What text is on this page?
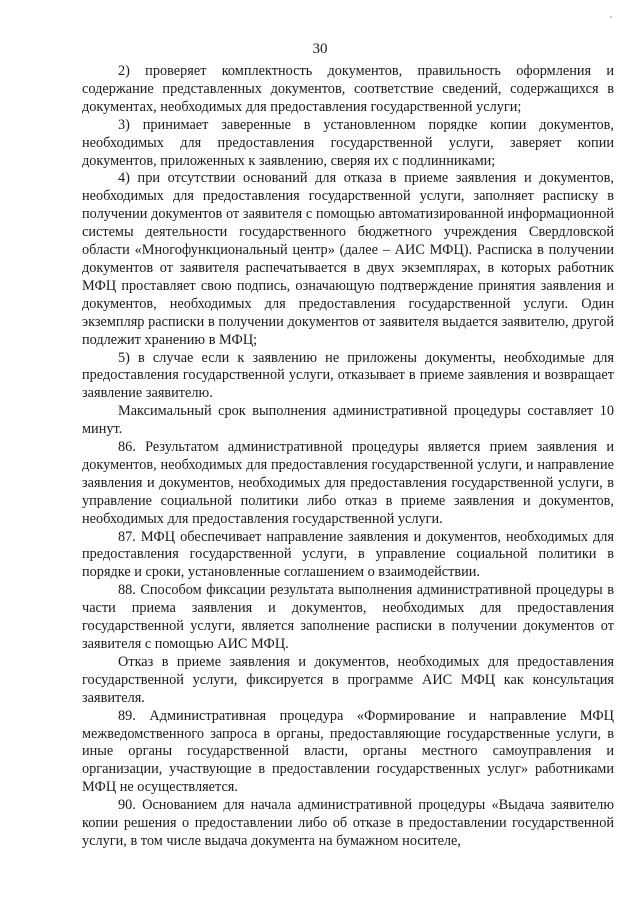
30

2) проверяет комплектность документов, правильность оформления и содержание представленных документов, соответствие сведений, содержащихся в документах, необходимых для предоставления государственной услуги;

3) принимает заверенные в установленном порядке копии документов, необходимых для предоставления государственной услуги, заверяет копии документов, приложенных к заявлению, сверяя их с подлинниками;

4) при отсутствии оснований для отказа в приеме заявления и документов, необходимых для предоставления государственной услуги, заполняет расписку в получении документов от заявителя с помощью автоматизированной информационной системы деятельности государственного бюджетного учреждения Свердловской области «Многофункциональный центр» (далее – АИС МФЦ). Расписка в получении документов от заявителя распечатывается в двух экземплярах, в которых работник МФЦ проставляет свою подпись, означающую подтверждение принятия заявления и документов, необходимых для предоставления государственной услуги. Один экземпляр расписки в получении документов от заявителя выдается заявителю, другой подлежит хранению в МФЦ;

5) в случае если к заявлению не приложены документы, необходимые для предоставления государственной услуги, отказывает в приеме заявления и возвращает заявление заявителю.

Максимальный срок выполнения административной процедуры составляет 10 минут.

86. Результатом административной процедуры является прием заявления и документов, необходимых для предоставления государственной услуги, и направление заявления и документов, необходимых для предоставления государственной услуги, в управление социальной политики либо отказ в приеме заявления и документов, необходимых для предоставления государственной услуги.

87. МФЦ обеспечивает направление заявления и документов, необходимых для предоставления государственной услуги, в управление социальной политики в порядке и сроки, установленные соглашением о взаимодействии.

88. Способом фиксации результата выполнения административной процедуры в части приема заявления и документов, необходимых для предоставления государственной услуги, является заполнение расписки в получении документов от заявителя с помощью АИС МФЦ.

Отказ в приеме заявления и документов, необходимых для предоставления государственной услуги, фиксируется в программе АИС МФЦ как консультация заявителя.

89. Административная процедура «Формирование и направление МФЦ межведомственного запроса в органы, предоставляющие государственные услуги, в иные органы государственной власти, органы местного самоуправления и организации, участвующие в предоставлении государственных услуг» работниками МФЦ не осуществляется.

90. Основанием для начала административной процедуры «Выдача заявителю копии решения о предоставлении либо об отказе в предоставлении государственной услуги, в том числе выдача документа на бумажном носителе,
